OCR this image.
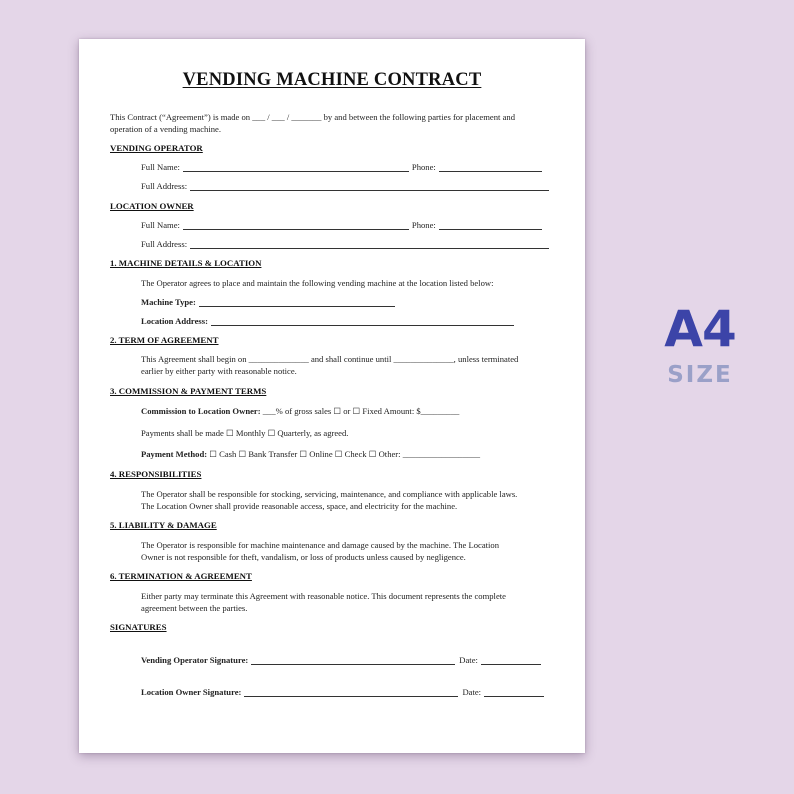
VENDING MACHINE CONTRACT
This Contract (“Agreement”) is made on ___ / ___ / _______ by and between the following parties for placement and
operation of a vending machine.
VENDING OPERATOR
Full Name:	Phone:
Full Address:
LOCATION OWNER
Full Name:	Phone:
Full Address:
1. MACHINE DETAILS & LOCATION
The Operator agrees to place and maintain the following vending machine at the location listed below:
Machine Type:
Location Address:
2. TERM OF AGREEMENT
This Agreement shall begin on ______________ and shall continue until ______________, unless terminated
earlier by either party with reasonable notice.
3. COMMISSION & PAYMENT TERMS
Commission to Location Owner: ___% of gross sales ☐ or ☐ Fixed Amount: $_________
Payments shall be made ☐ Monthly ☐ Quarterly, as agreed.
Payment Method: ☐ Cash ☐ Bank Transfer ☐ Online ☐ Check ☐ Other: __________________
4. RESPONSIBILITIES
The Operator shall be responsible for stocking, servicing, maintenance, and compliance with applicable laws.
The Location Owner shall provide reasonable access, space, and electricity for the machine.
5. LIABILITY & DAMAGE
The Operator is responsible for machine maintenance and damage caused by the machine. The Location
Owner is not responsible for theft, vandalism, or loss of products unless caused by negligence.
6. TERMINATION & AGREEMENT
Either party may terminate this Agreement with reasonable notice. This document represents the complete
agreement between the parties.
SIGNATURES
Vending Operator Signature:	Date:
Location Owner Signature:	Date:
A4
SIZE
